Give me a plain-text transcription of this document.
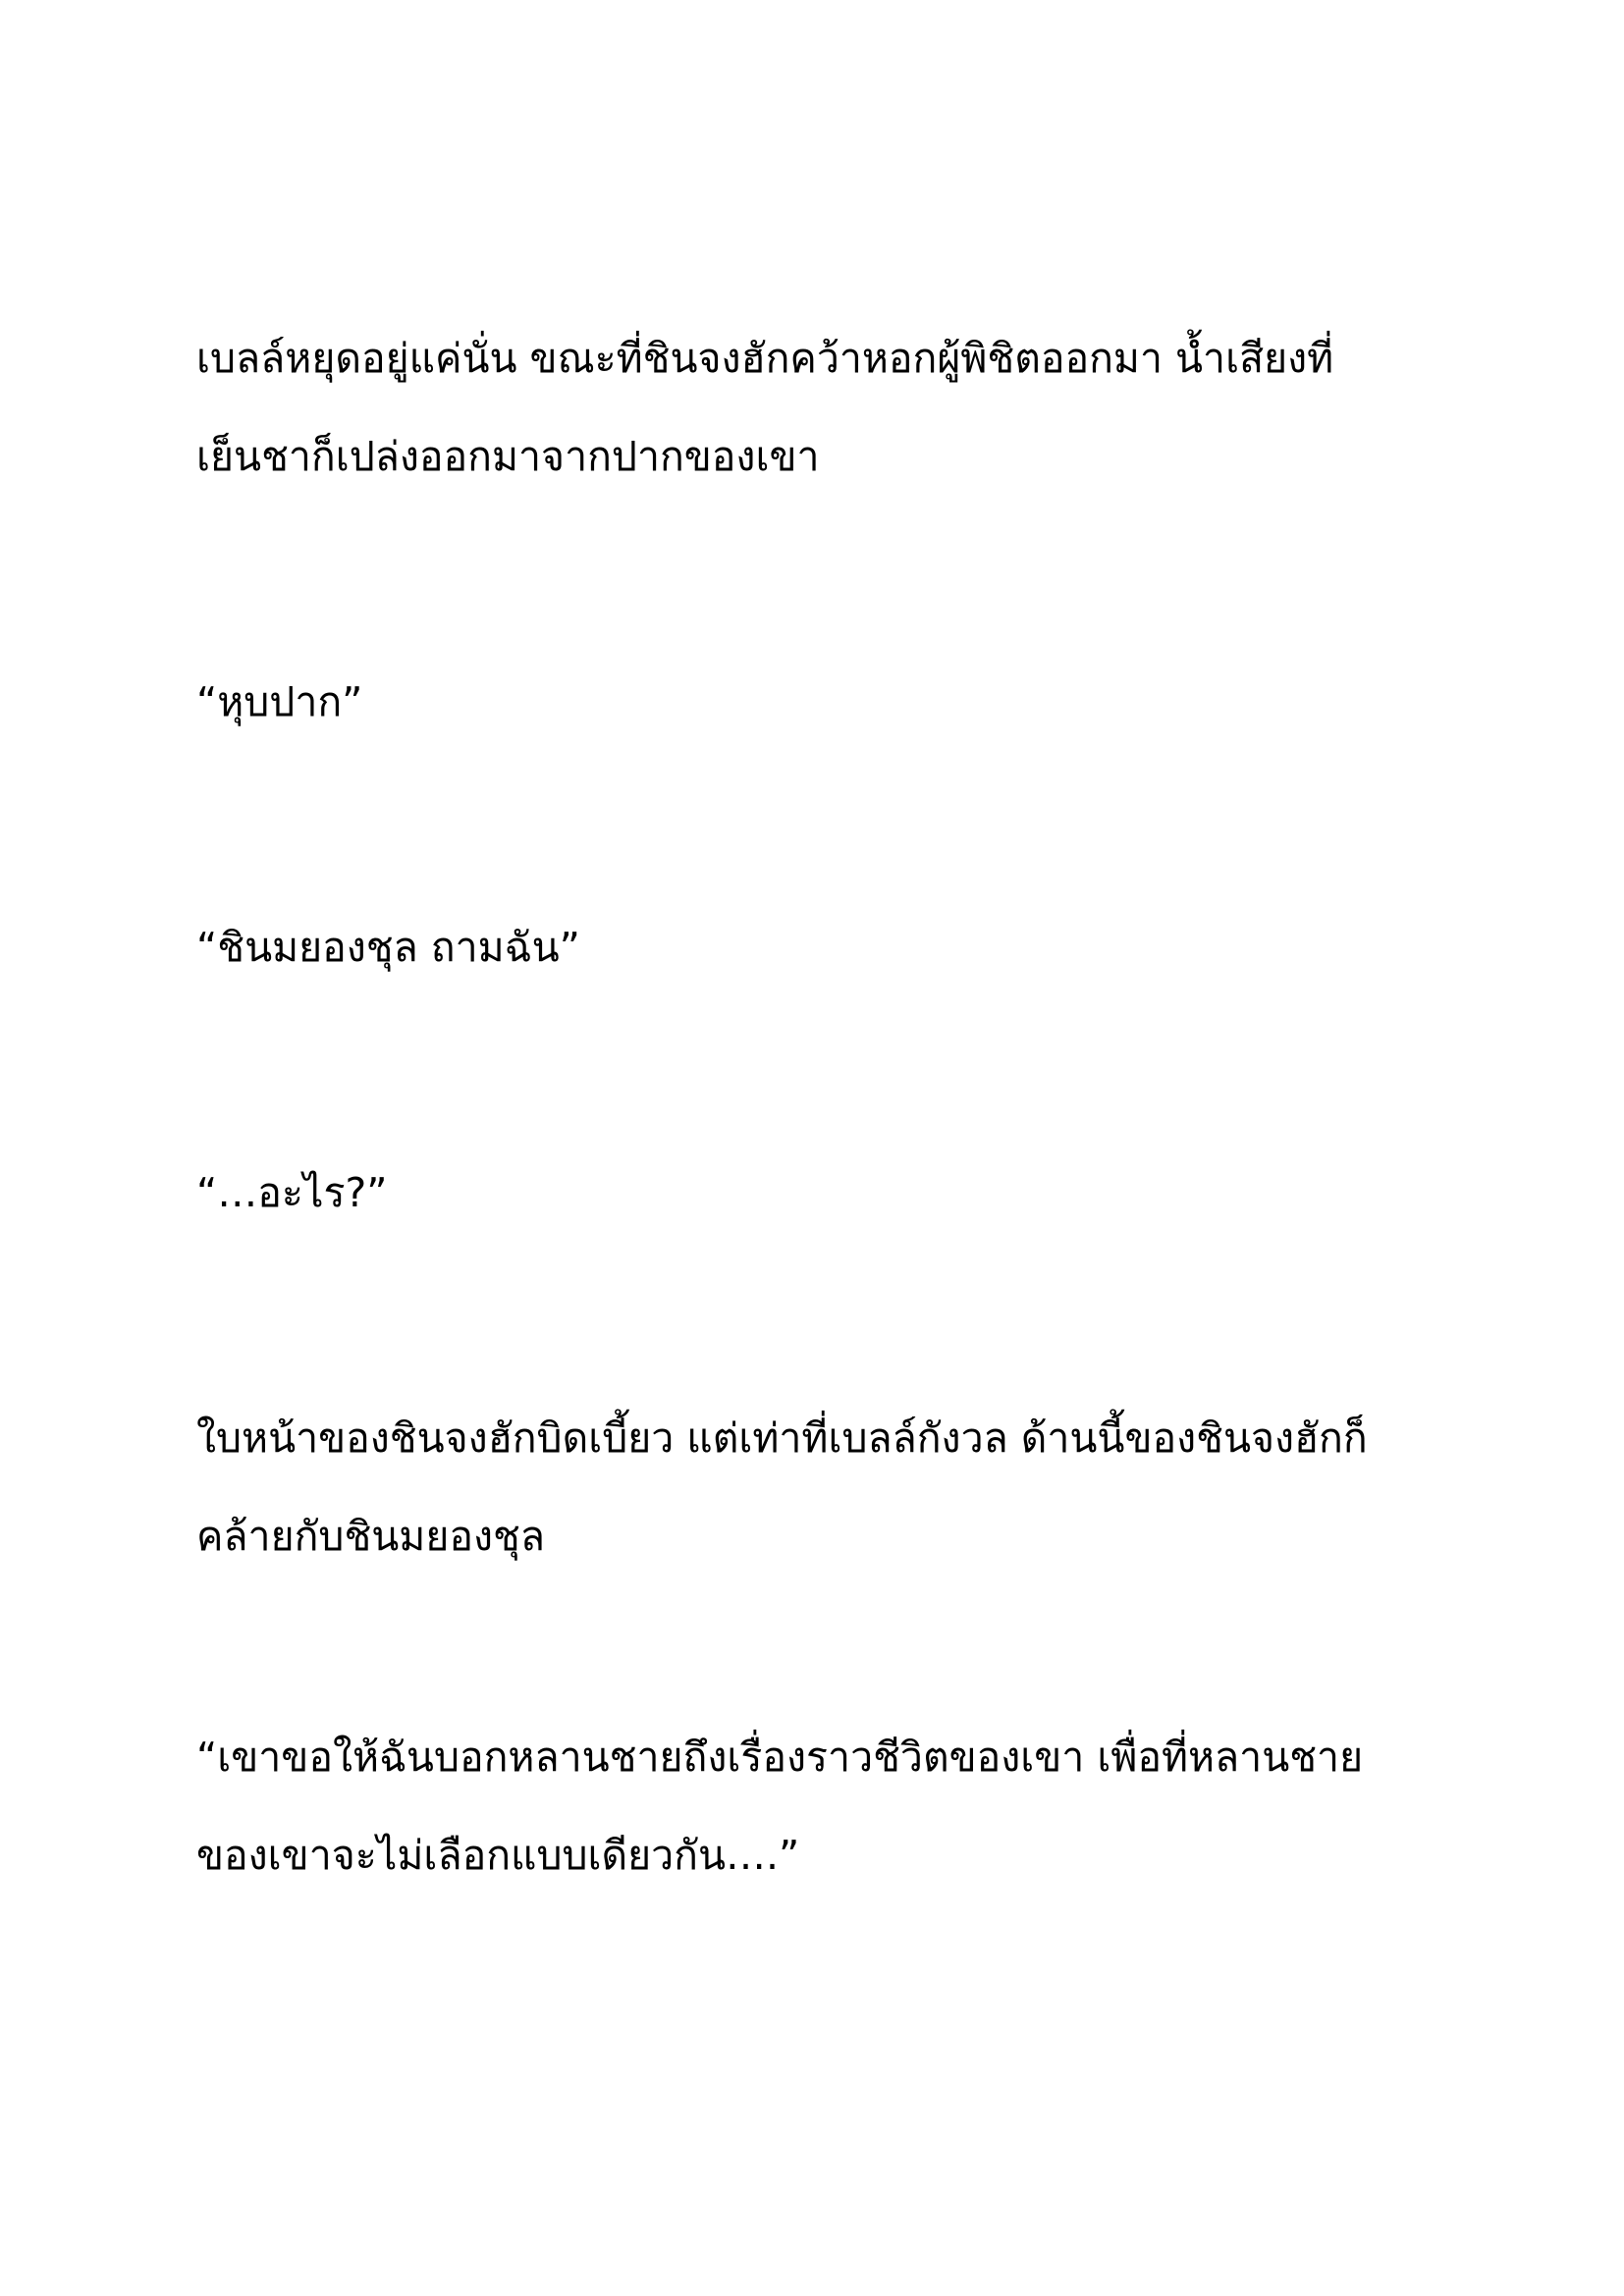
เบลล์หยุดอยู่แค่นั่น ขณะที่ชินจงฮักคว้าหอกผู้พิชิตออกมา น้ำเสียงที่
เย็นชาก็เปล่งออกมาจากปากของเขา

“หุบปาก”

“ชินมยองชุล ถามฉัน”

“…อะไร?”

ใบหน้าของชินจงฮักบิดเบี้ยว แต่เท่าที่เบลล์กังวล ด้านนี้ของชินจงฮักก็
คล้ายกับชินมยองชุล

“เขาขอให้ฉันบอกหลานชายถึงเรื่องราวชีวิตของเขา เพื่อที่หลานชาย
ของเขาจะไม่เลือกแบบเดียวกัน….”
